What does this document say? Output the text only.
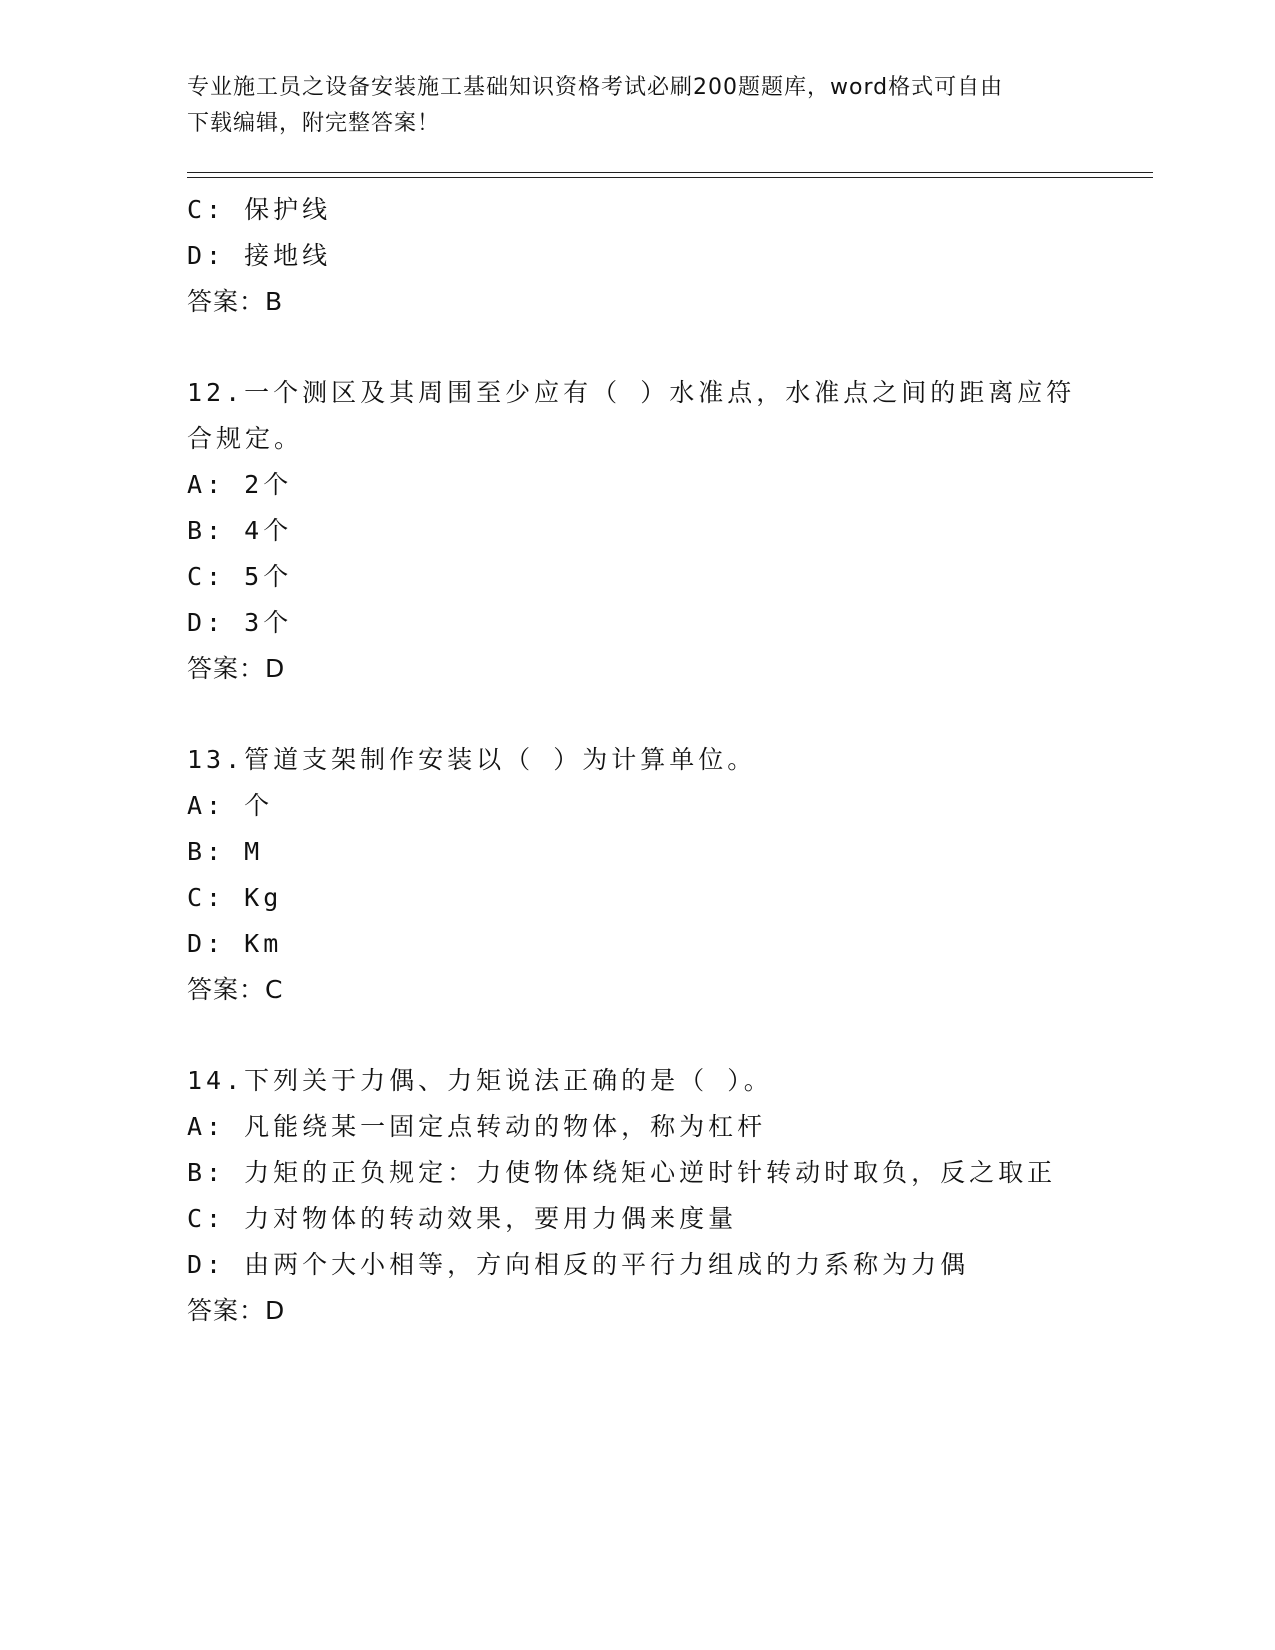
专业施工员之设备安装施工基础知识资格考试必刷200题题库，word格式可自由
下载编辑，附完整答案！
C: 保护线
D: 接地线
答案：B
12.一个测区及其周围至少应有（ ）水准点，水准点之间的距离应符
合规定。
A: 2个
B: 4个
C: 5个
D: 3个
答案：D
13.管道支架制作安装以（ ）为计算单位。
A: 个
B: M
C: Kg
D: Km
答案：C
14.下列关于力偶、力矩说法正确的是（ ）。
A: 凡能绕某一固定点转动的物体，称为杠杆
B: 力矩的正负规定：力使物体绕矩心逆时针转动时取负，反之取正
C: 力对物体的转动效果，要用力偶来度量
D: 由两个大小相等，方向相反的平行力组成的力系称为力偶
答案：D
